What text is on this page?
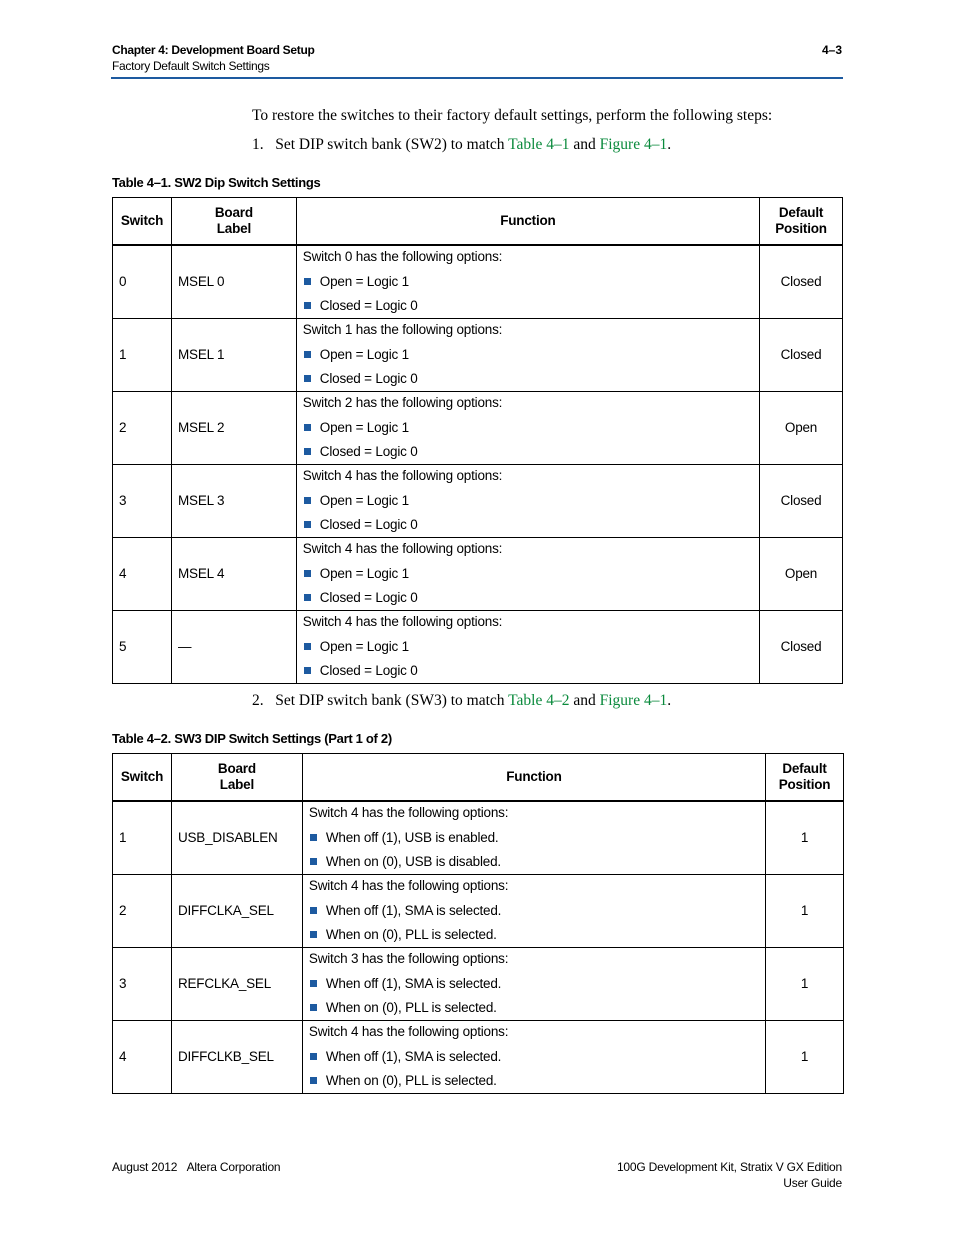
Chapter 4: Development Board Setup
Factory Default Switch Settings
4–3
To restore the switches to their factory default settings, perform the following steps:
1. Set DIP switch bank (SW2) to match Table 4–1 and Figure 4–1.
Table 4–1. SW2 Dip Switch Settings
Switch	Board
Label	Function	Default
Position
0	MSEL 0	Switch 0 has the following options:
Open = Logic 1
Closed = Logic 0	Closed
1	MSEL 1	Switch 1 has the following options:
Open = Logic 1
Closed = Logic 0	Closed
2	MSEL 2	Switch 2 has the following options:
Open = Logic 1
Closed = Logic 0	Open
3	MSEL 3	Switch 4 has the following options:
Open = Logic 1
Closed = Logic 0	Closed
4	MSEL 4	Switch 4 has the following options:
Open = Logic 1
Closed = Logic 0	Open
5	—	Switch 4 has the following options:
Open = Logic 1
Closed = Logic 0	Closed
2. Set DIP switch bank (SW3) to match Table 4–2 and Figure 4–1.
Table 4–2. SW3 DIP Switch Settings (Part 1 of 2)
Switch	Board
Label	Function	Default
Position
1	USB_DISABLEN	Switch 4 has the following options:
When off (1), USB is enabled.
When on (0), USB is disabled.	1
2	DIFFCLKA_SEL	Switch 4 has the following options:
When off (1), SMA is selected.
When on (0), PLL is selected.	1
3	REFCLKA_SEL	Switch 3 has the following options:
When off (1), SMA is selected.
When on (0), PLL is selected.	1
4	DIFFCLKB_SEL	Switch 4 has the following options:
When off (1), SMA is selected.
When on (0), PLL is selected.	1
August 2012 Altera Corporation	100G Development Kit, Stratix V GX Edition
User Guide
